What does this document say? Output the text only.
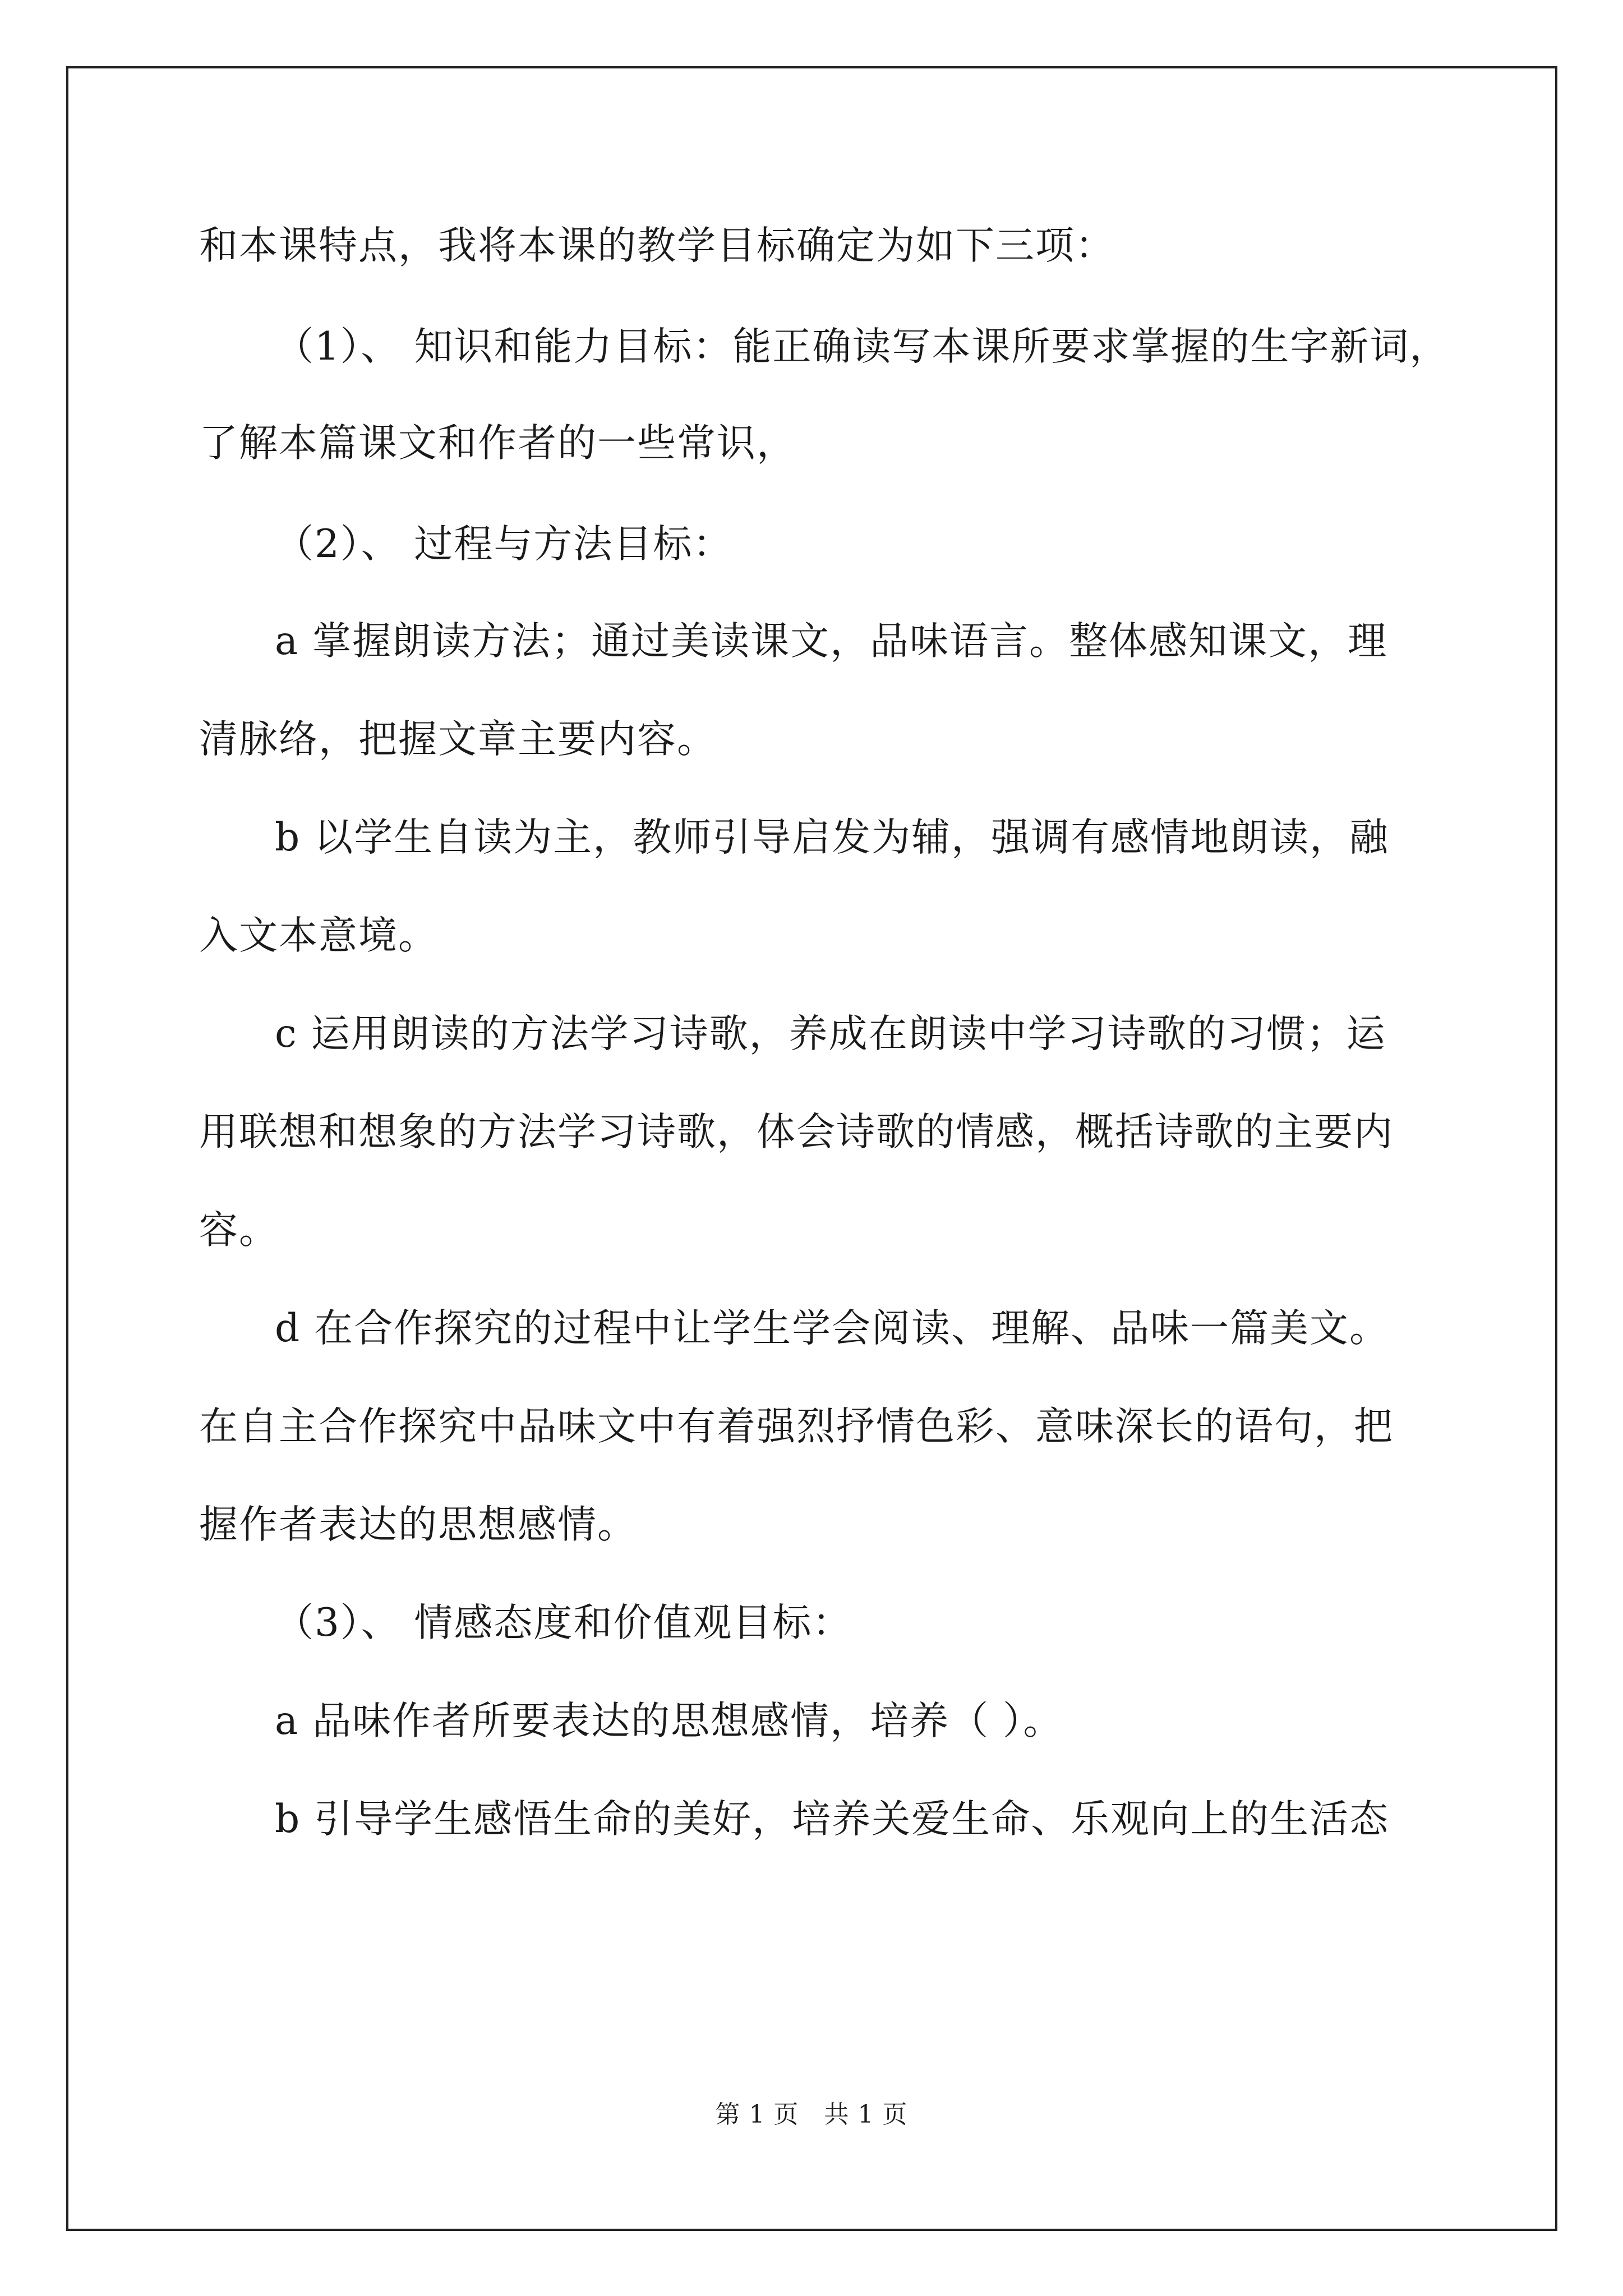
和本课特点，我将本课的教学目标确定为如下三项：
（1）、 知识和能力目标：能正确读写本课所要求掌握的生字新词，
了解本篇课文和作者的一些常识，
（2）、 过程与方法目标：
a 掌握朗读方法；通过美读课文，品味语言。整体感知课文，理
清脉络，把握文章主要内容。
b 以学生自读为主，教师引导启发为辅，强调有感情地朗读，融
入文本意境。
c 运用朗读的方法学习诗歌，养成在朗读中学习诗歌的习惯；运
用联想和想象的方法学习诗歌，体会诗歌的情感，概括诗歌的主要内
容。
d 在合作探究的过程中让学生学会阅读、理解、品味一篇美文。
在自主合作探究中品味文中有着强烈抒情色彩、意味深长的语句，把
握作者表达的思想感情。
（3）、 情感态度和价值观目标：
a 品味作者所要表达的思想感情，培养（ ）。
b 引导学生感悟生命的美好，培养关爱生命、乐观向上的生活态
第 1 页　共 1 页
